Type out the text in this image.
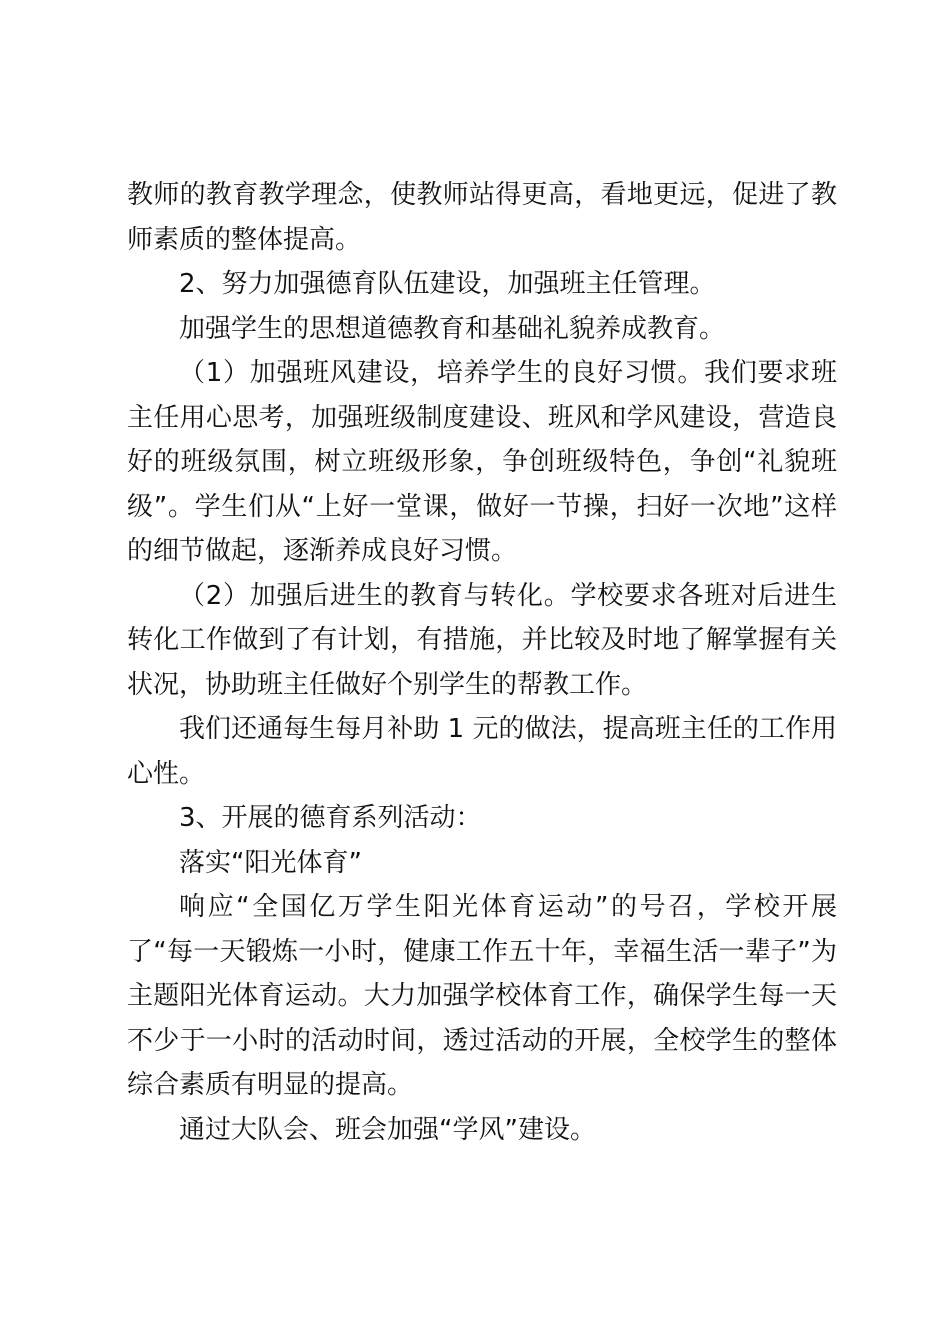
教师的教育教学理念，使教师站得更高，看地更远，促进了教师素质的整体提高。

2、努力加强德育队伍建设，加强班主任管理。

加强学生的思想道德教育和基础礼貌养成教育。

（1）加强班风建设，培养学生的良好习惯。我们要求班主任用心思考，加强班级制度建设、班风和学风建设，营造良好的班级氛围，树立班级形象，争创班级特色，争创“礼貌班级”。学生们从“上好一堂课，做好一节操，扫好一次地”这样的细节做起，逐渐养成良好习惯。

（2）加强后进生的教育与转化。学校要求各班对后进生转化工作做到了有计划，有措施，并比较及时地了解掌握有关状况，协助班主任做好个别学生的帮教工作。

我们还通每生每月补助 1 元的做法，提高班主任的工作用心性。

3、开展的德育系列活动：

落实“阳光体育”

响应“全国亿万学生阳光体育运动”的号召，学校开展了“每一天锻炼一小时，健康工作五十年，幸福生活一辈子”为主题阳光体育运动。大力加强学校体育工作，确保学生每一天不少于一小时的活动时间，透过活动的开展，全校学生的整体综合素质有明显的提高。

通过大队会、班会加强“学风”建设。
